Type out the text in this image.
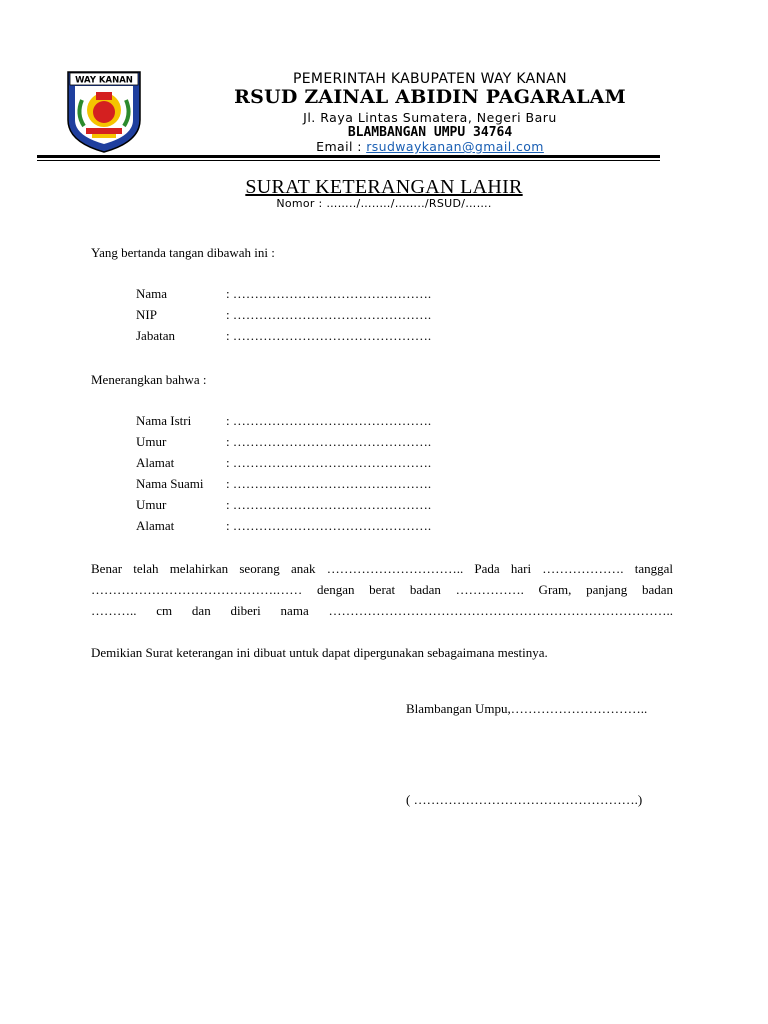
WAY KANAN	PEMERINTAH KABUPATEN WAY KANAN
RSUD ZAINAL ABIDIN PAGARALAM
Jl. Raya Lintas Sumatera, Negeri Baru
BLAMBANGAN UMPU 34764
Email : rsudwaykanan@gmail.com
SURAT KETERANGAN LAHIR
Nomor : ……../…..…/……../RSUD/…….
Yang bertanda tangan dibawah ini :
Nama	: ……………………………………….
NIP	: ……………………………………….
Jabatan	: ……………………………………….
Menerangkan bahwa :
Nama Istri	: ……………………………………….
Umur	: ……………………………………….
Alamat	: ……………………………………….
Nama Suami : ……………………………………….
Umur	: ……………………………………….
Alamat	: ……………………………………….
Benar telah melahirkan seorang anak ………………………….. Pada hari ………………. tanggal
…………………………………….…… dengan berat badan ……………. Gram, panjang badan
……….. cm dan diberi nama ……………………………………………………………………..
Demikian Surat keterangan ini dibuat untuk dapat dipergunakan sebagaimana mestinya.
Blambangan Umpu,…………………………..
( …………………………………………….)
